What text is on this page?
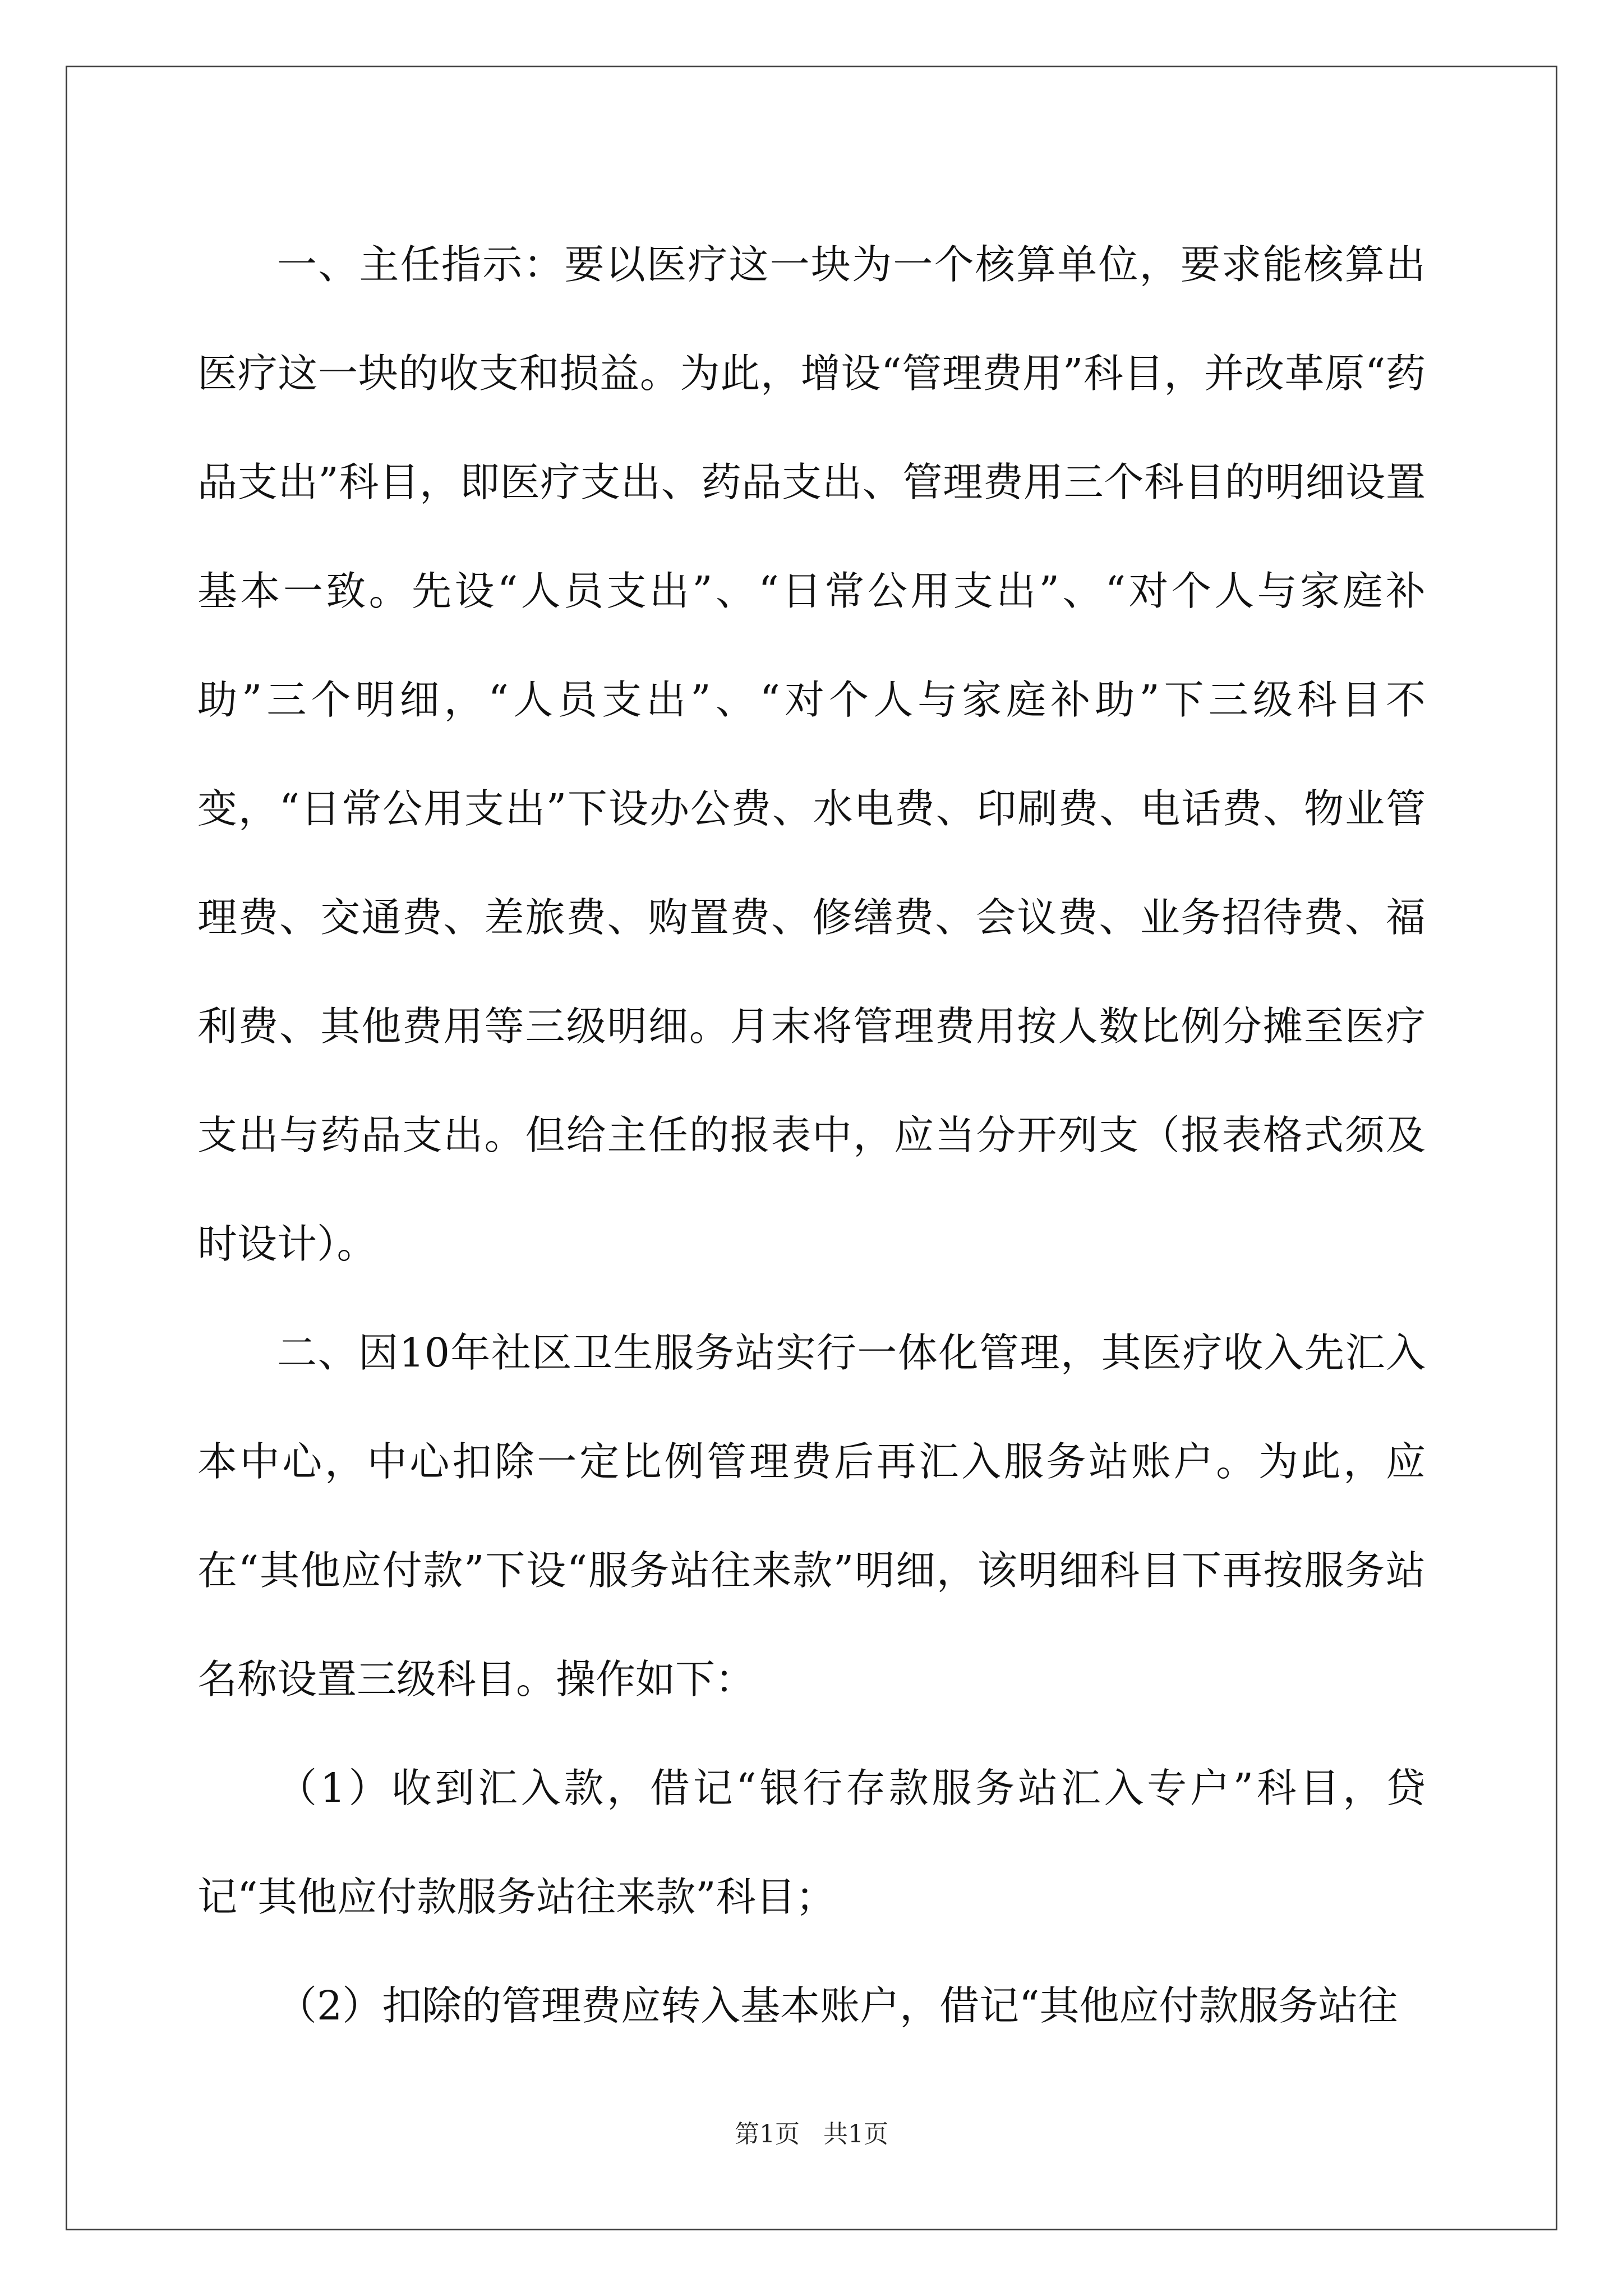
一、主任指示：要以医疗这一块为一个核算单位，要求能核算出医疗这一块的收支和损益。为此，增设“管理费用”科目，并改革原“药品支出”科目，即医疗支出、药品支出、管理费用三个科目的明细设置基本一致。先设“人员支出”、“日常公用支出”、“对个人与家庭补助”三个明细，“人员支出”、“对个人与家庭补助”下三级科目不变，“日常公用支出”下设办公费、水电费、印刷费、电话费、物业管理费、交通费、差旅费、购置费、修缮费、会议费、业务招待费、福利费、其他费用等三级明细。月末将管理费用按人数比例分摊至医疗支出与药品支出。但给主任的报表中，应当分开列支（报表格式须及时设计）。

二、因10年社区卫生服务站实行一体化管理，其医疗收入先汇入本中心，中心扣除一定比例管理费后再汇入服务站账户。为此，应在“其他应付款”下设“服务站往来款”明细，该明细科目下再按服务站名称设置三级科目。操作如下：

（1）收到汇入款，借记“银行存款服务站汇入专户”科目，贷记“其他应付款服务站往来款”科目；

（2）扣除的管理费应转入基本账户，借记“其他应付款服务站往

第1页   共1页
